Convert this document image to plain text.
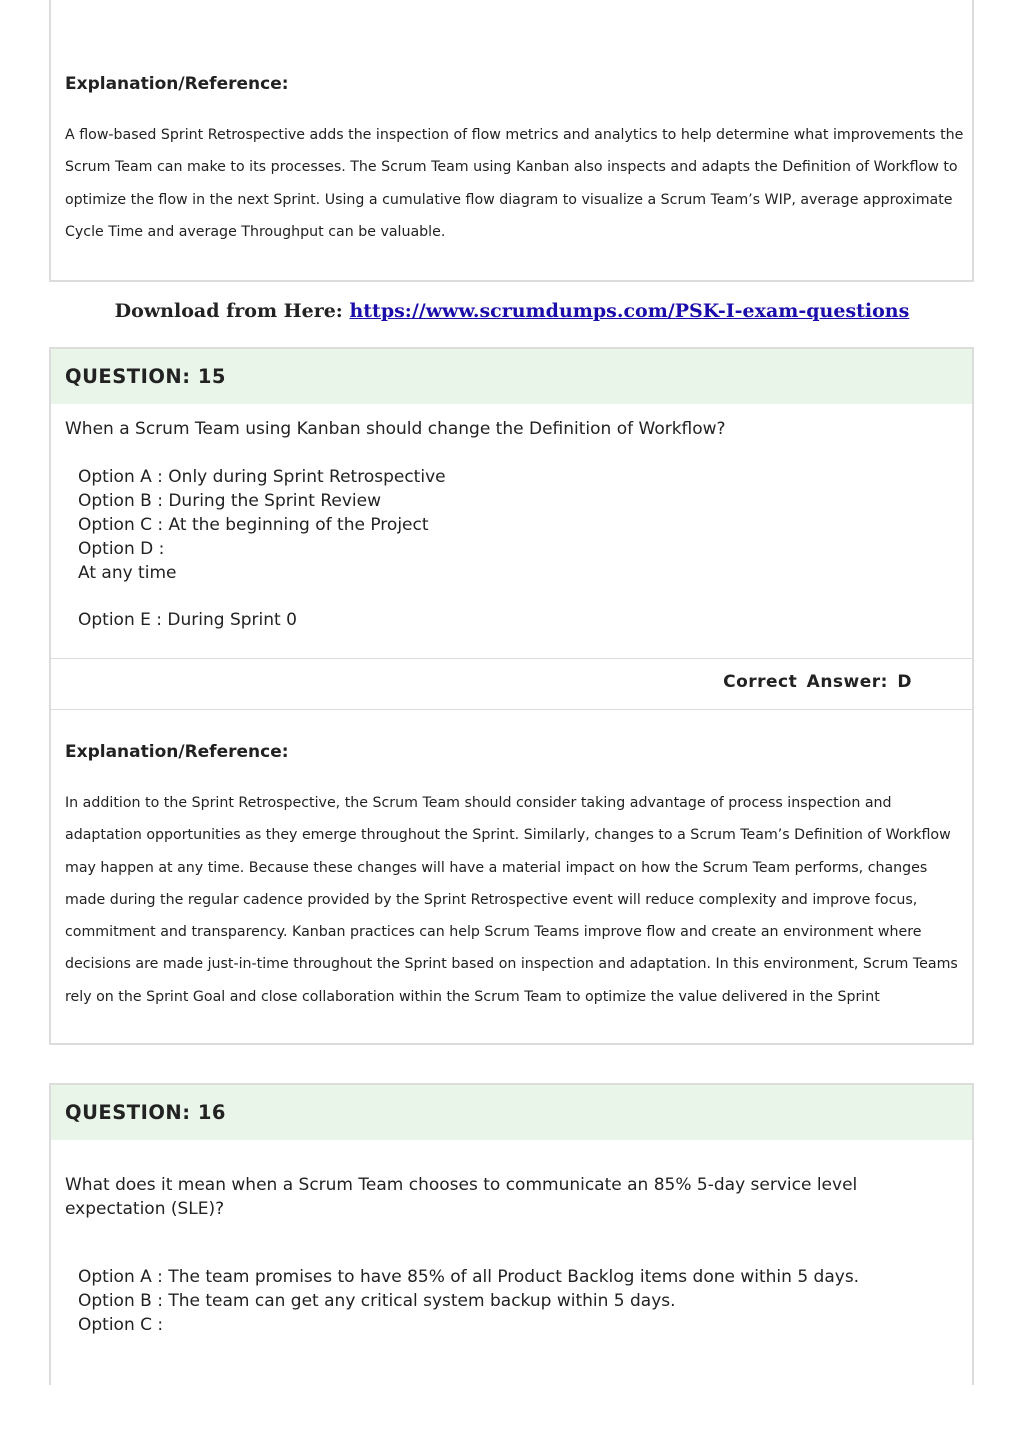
Explanation/Reference:
A flow-based Sprint Retrospective adds the inspection of flow metrics and analytics to help determine what improvements the Scrum Team can make to its processes. The Scrum Team using Kanban also inspects and adapts the Definition of Workflow to optimize the flow in the next Sprint. Using a cumulative flow diagram to visualize a Scrum Team’s WIP, average approximate Cycle Time and average Throughput can be valuable.
Download from Here: https://www.scrumdumps.com/PSK-I-exam-questions
QUESTION: 15
When a Scrum Team using Kanban should change the Definition of Workflow?
Option A : Only during Sprint Retrospective
Option B : During the Sprint Review
Option C : At the beginning of the Project
Option D :
At any time
Option E : During Sprint 0
Correct Answer: D
Explanation/Reference:
In addition to the Sprint Retrospective, the Scrum Team should consider taking advantage of process inspection and adaptation opportunities as they emerge throughout the Sprint. Similarly, changes to a Scrum Team’s Definition of Workflow may happen at any time. Because these changes will have a material impact on how the Scrum Team performs, changes made during the regular cadence provided by the Sprint Retrospective event will reduce complexity and improve focus, commitment and transparency. Kanban practices can help Scrum Teams improve flow and create an environment where decisions are made just-in-time throughout the Sprint based on inspection and adaptation. In this environment, Scrum Teams rely on the Sprint Goal and close collaboration within the Scrum Team to optimize the value delivered in the Sprint
QUESTION: 16
What does it mean when a Scrum Team chooses to communicate an 85% 5-day service level expectation (SLE)?
Option A : The team promises to have 85% of all Product Backlog items done within 5 days.
Option B : The team can get any critical system backup within 5 days.
Option C :
